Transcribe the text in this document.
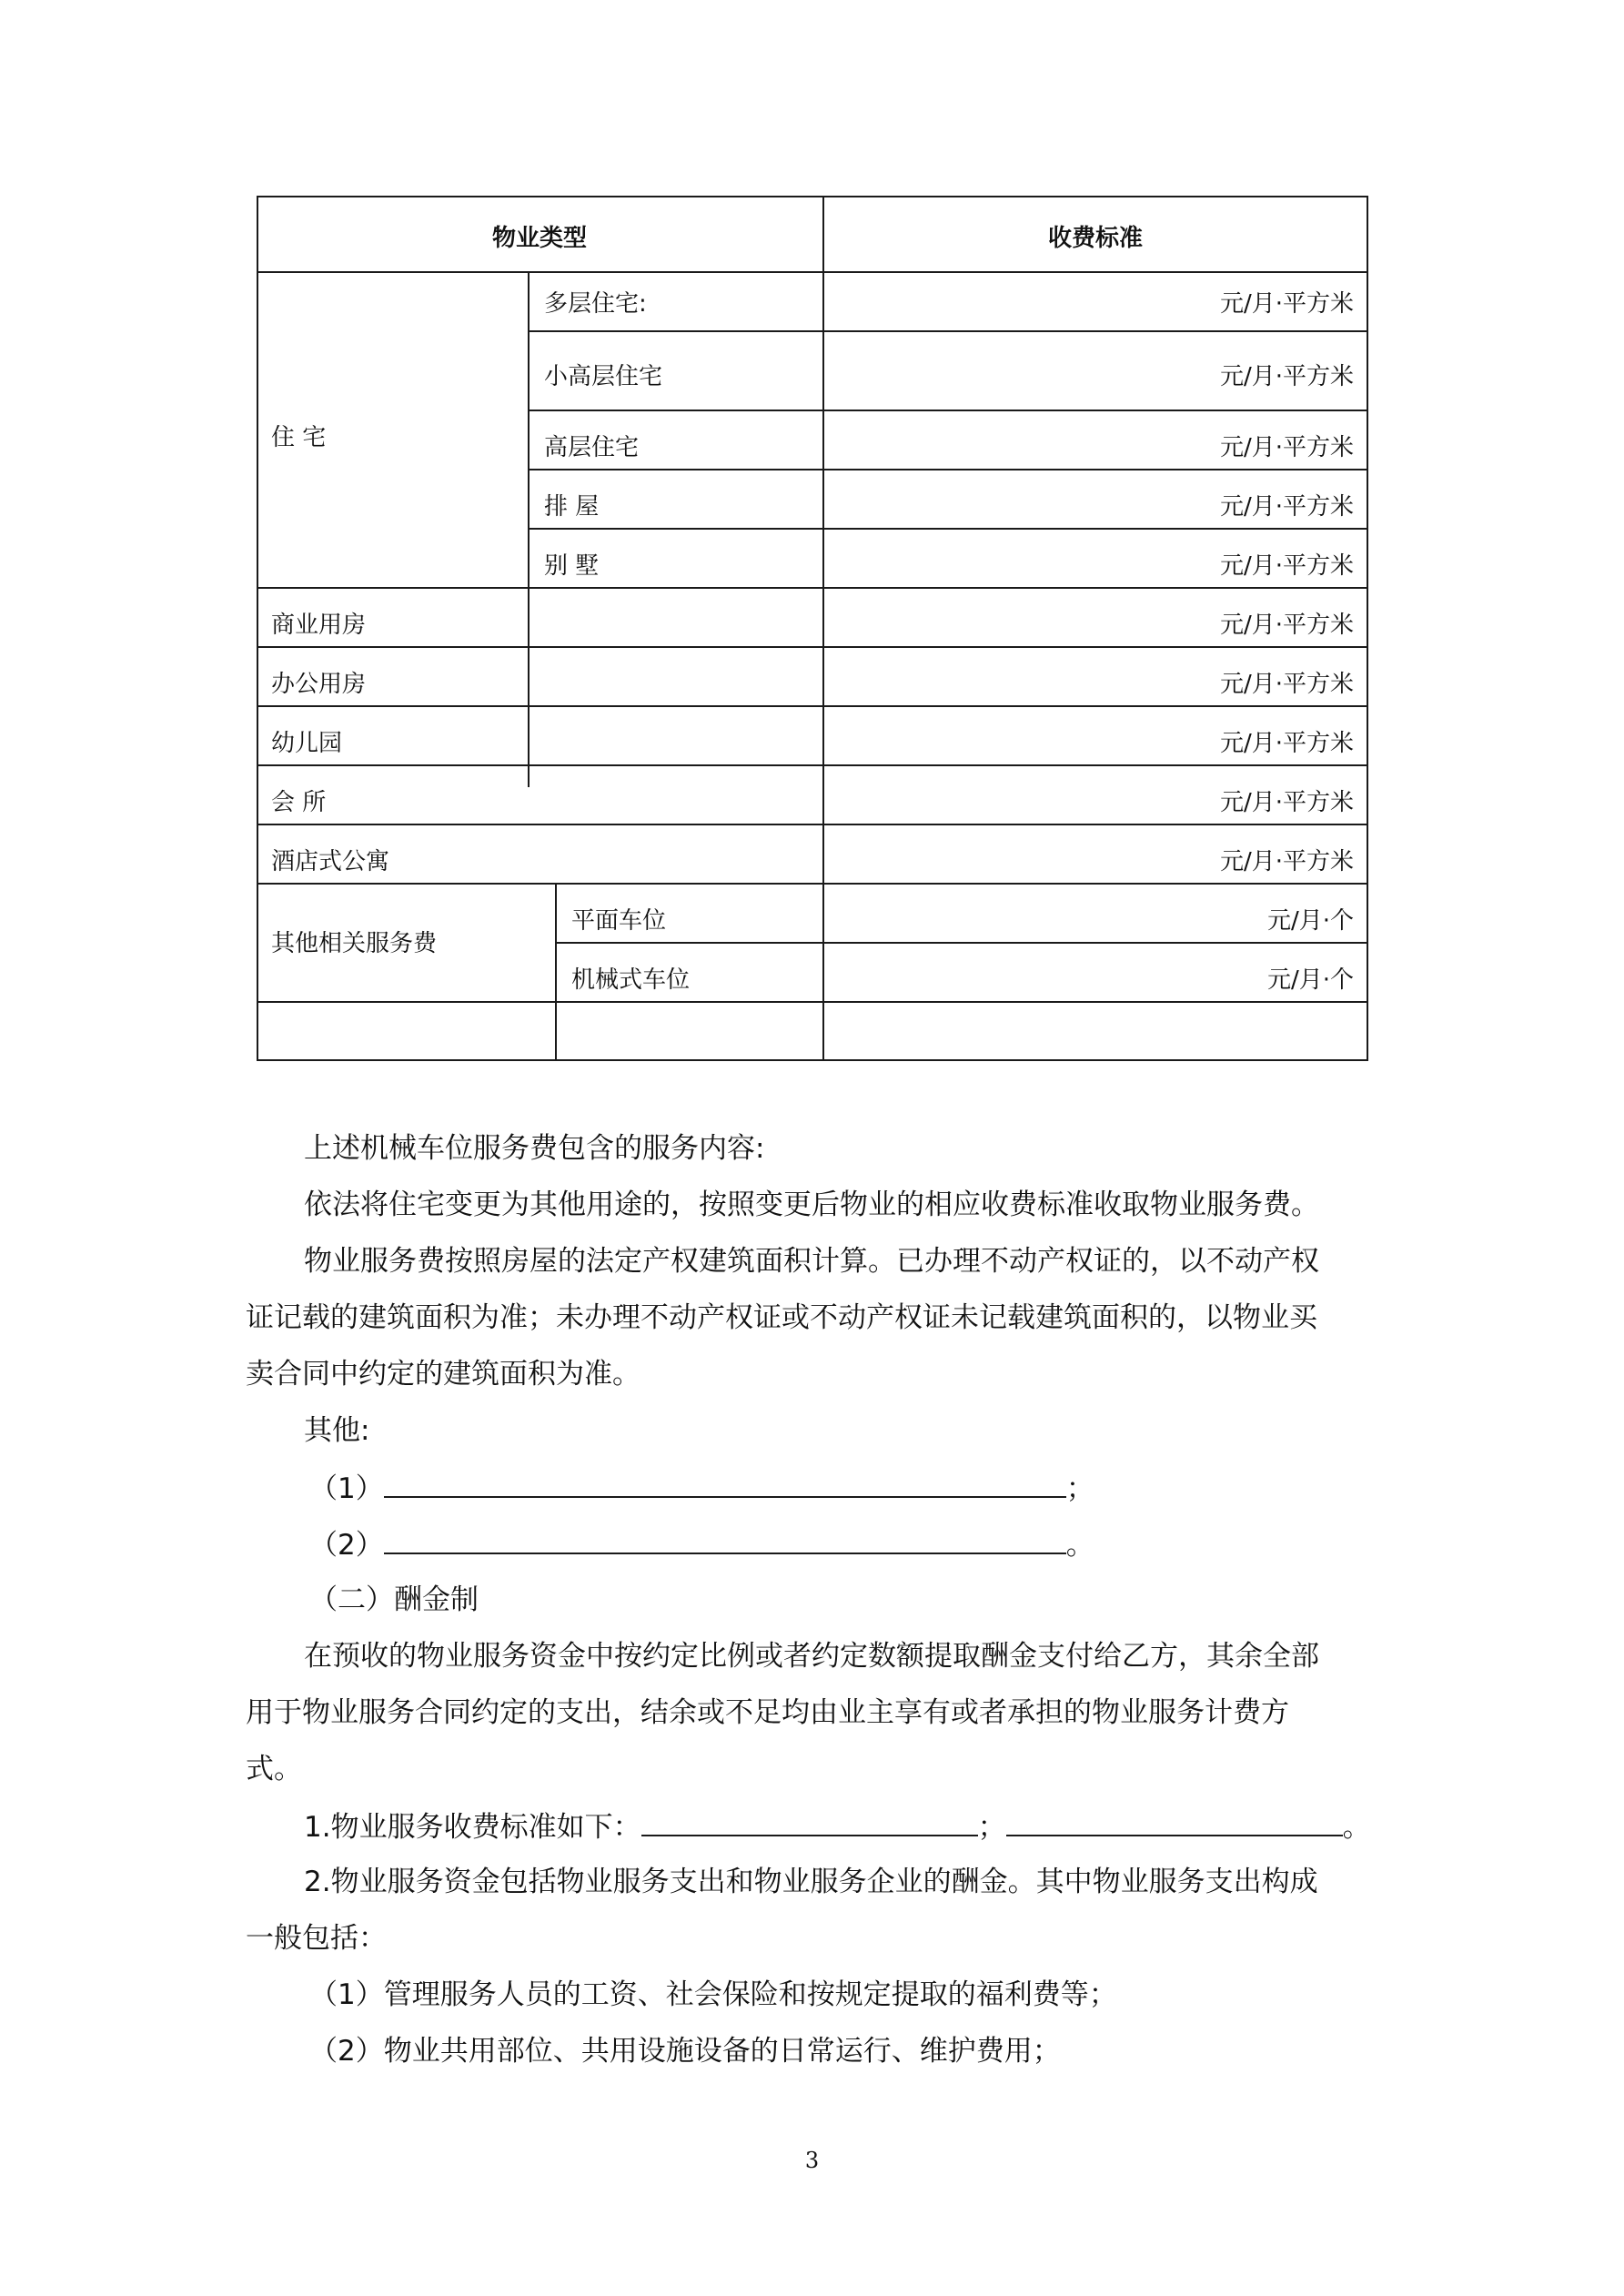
物业类型	收费标准
住 宅
多层住宅:	元/月·平方米
小高层住宅	元/月·平方米
高层住宅	元/月·平方米
排 屋	元/月·平方米
别 墅	元/月·平方米
商业用房	元/月·平方米
办公用房	元/月·平方米
幼儿园	元/月·平方米
会 所	元/月·平方米
酒店式公寓	元/月·平方米
其他相关服务费
平面车位	元/月·个
机械式车位	元/月·个
上述机械车位服务费包含的服务内容:
依法将住宅变更为其他用途的，按照变更后物业的相应收费标准收取物业服务费。
物业服务费按照房屋的法定产权建筑面积计算。已办理不动产权证的，以不动产权
证记载的建筑面积为准；未办理不动产权证或不动产权证未记载建筑面积的，以物业买
卖合同中约定的建筑面积为准。
其他:
（1）	；
（2）	。
（二）酬金制
在预收的物业服务资金中按约定比例或者约定数额提取酬金支付给乙方，其余全部
用于物业服务合同约定的支出，结余或不足均由业主享有或者承担的物业服务计费方
式。
1.物业服务收费标准如下：	；	。
2.物业服务资金包括物业服务支出和物业服务企业的酬金。其中物业服务支出构成
一般包括：
（1）管理服务人员的工资、社会保险和按规定提取的福利费等；
（2）物业共用部位、共用设施设备的日常运行、维护费用；
3
